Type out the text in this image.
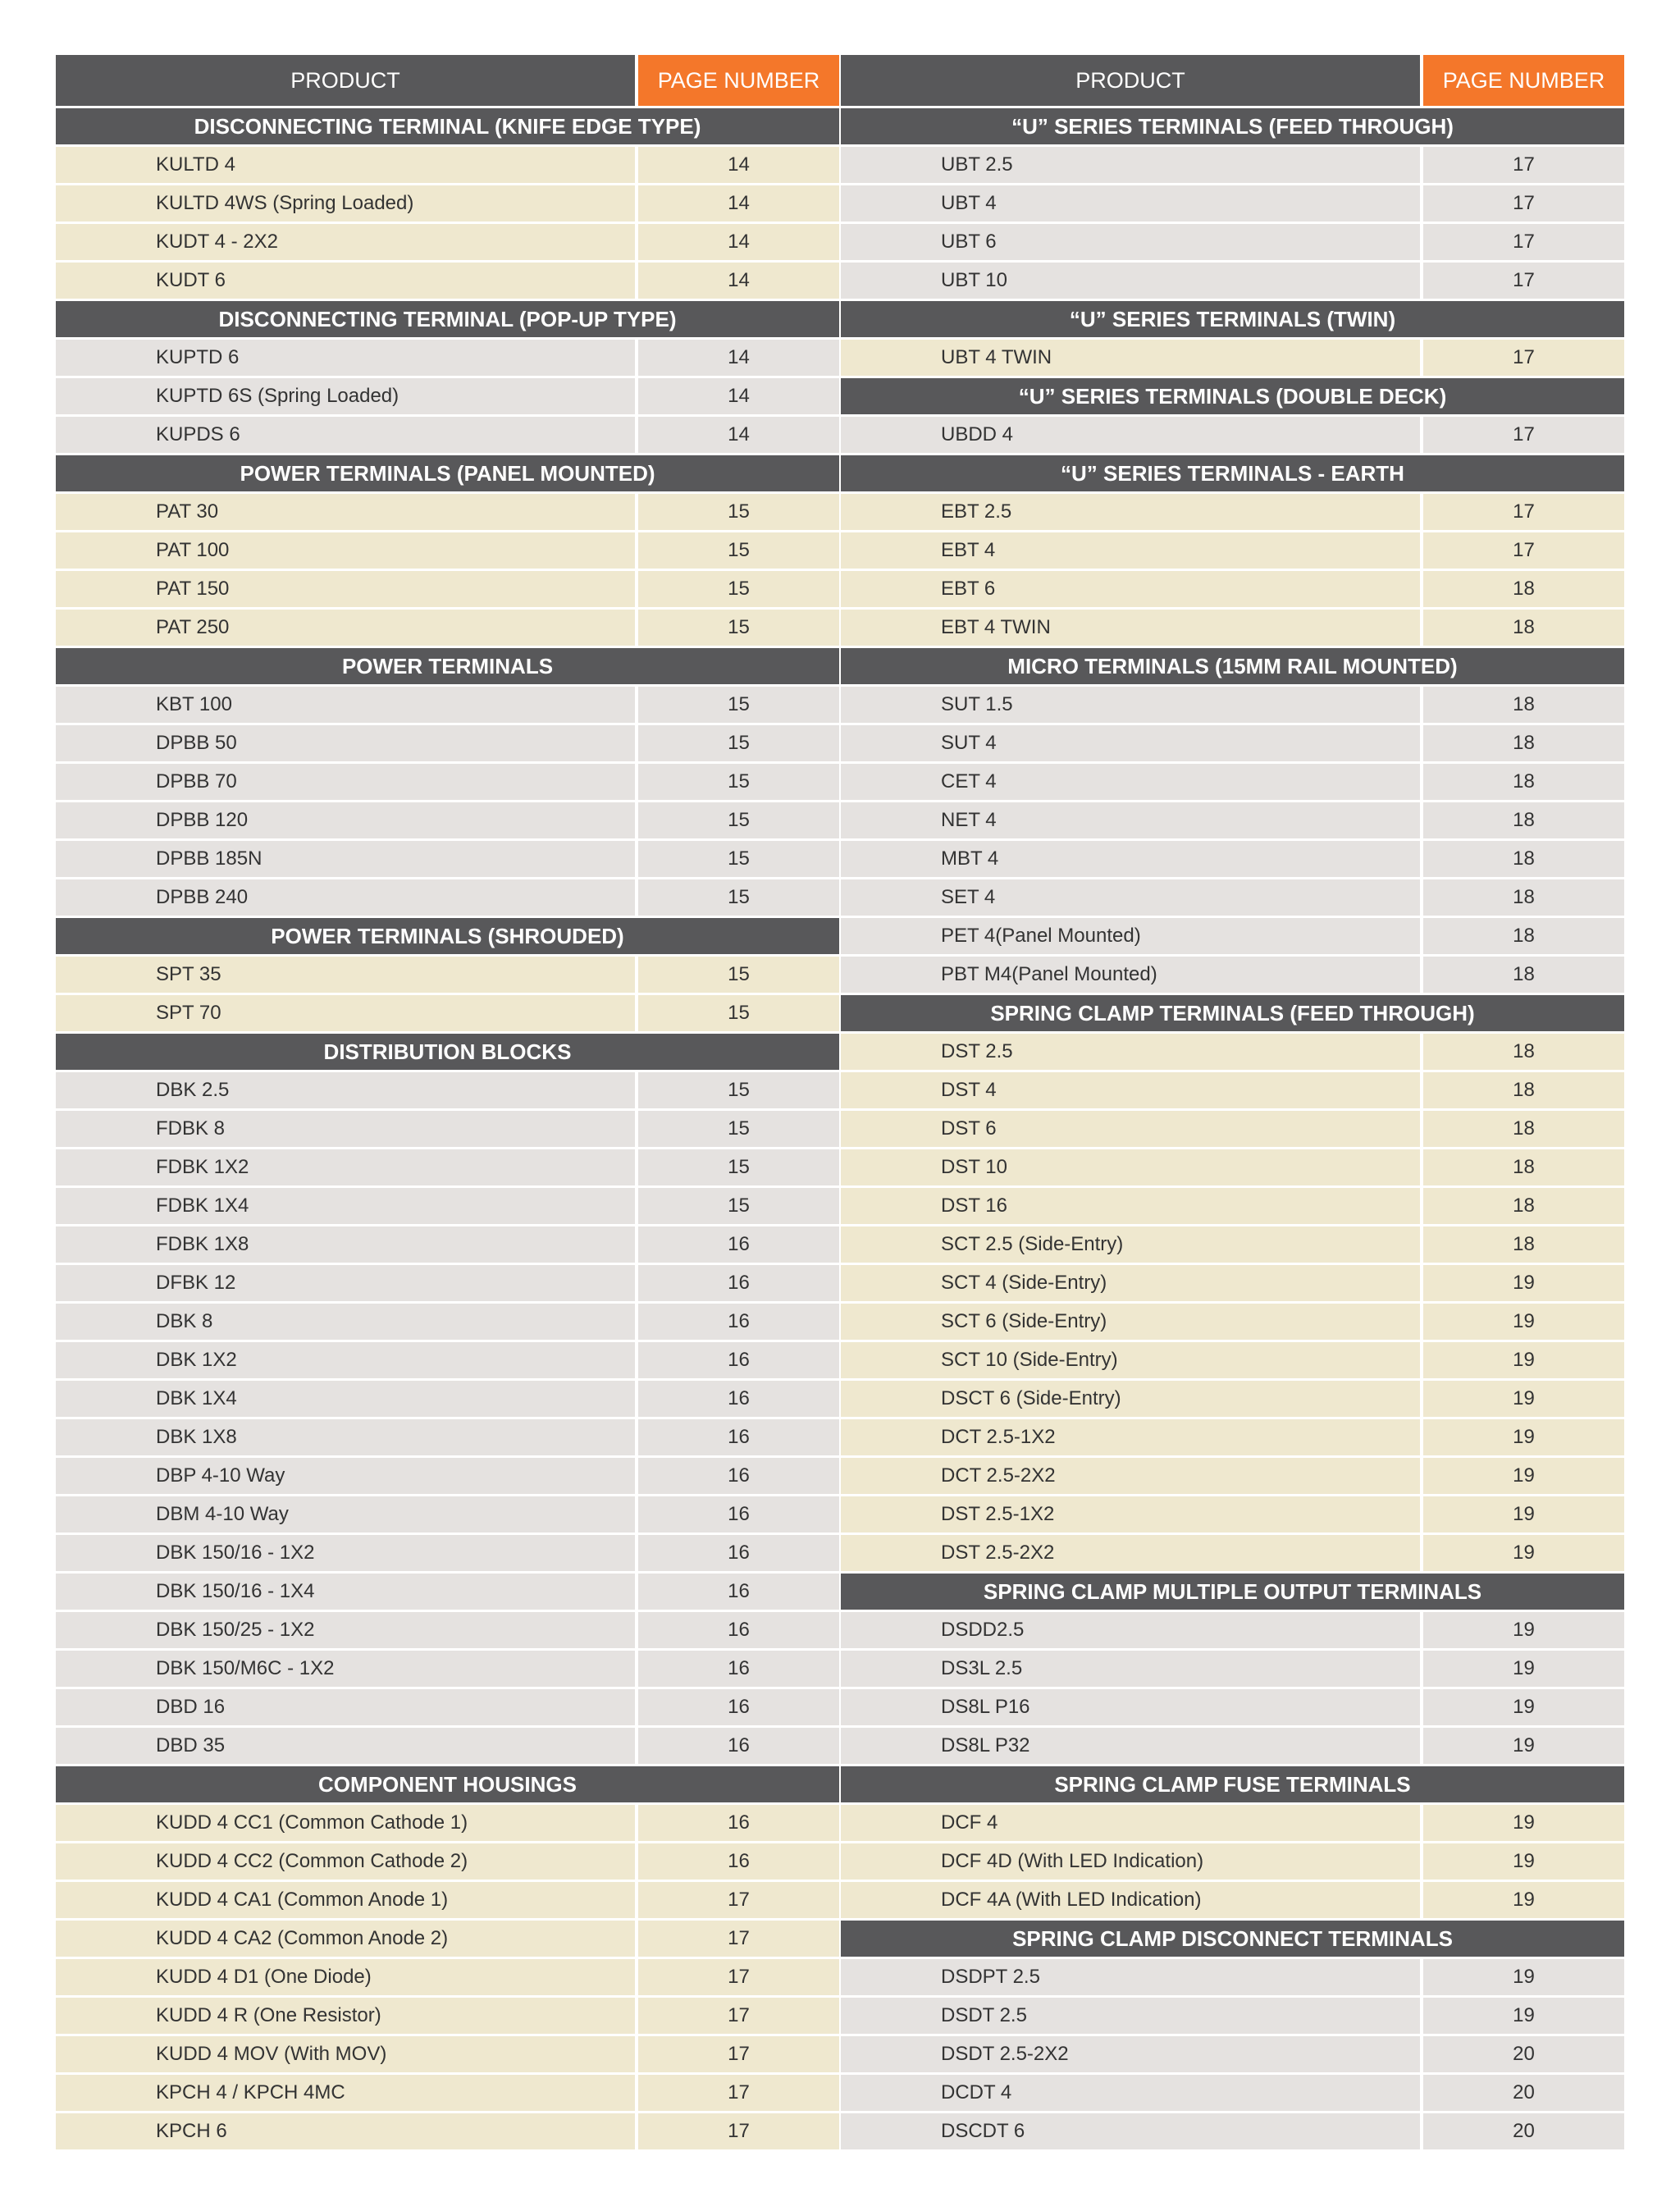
PRODUCT	PAGE NUMBER
DISCONNECTING TERMINAL (KNIFE EDGE TYPE)
KULTD 4	14
KULTD 4WS (Spring Loaded)	14
KUDT 4 - 2X2	14
KUDT 6	14
DISCONNECTING TERMINAL (POP-UP TYPE)
KUPTD 6	14
KUPTD 6S (Spring Loaded)	14
KUPDS 6	14
POWER TERMINALS (PANEL MOUNTED)
PAT 30	15
PAT 100	15
PAT 150	15
PAT 250	15
POWER TERMINALS
KBT 100	15
DPBB 50	15
DPBB 70	15
DPBB 120	15
DPBB 185N	15
DPBB 240	15
POWER TERMINALS (SHROUDED)
SPT 35	15
SPT 70	15
DISTRIBUTION BLOCKS
DBK 2.5	15
FDBK 8	15
FDBK 1X2	15
FDBK 1X4	15
FDBK 1X8	16
DFBK 12	16
DBK 8	16
DBK 1X2	16
DBK 1X4	16
DBK 1X8	16
DBP 4-10 Way	16
DBM 4-10 Way	16
DBK 150/16 - 1X2	16
DBK 150/16 - 1X4	16
DBK 150/25 - 1X2	16
DBK 150/M6C - 1X2	16
DBD 16	16
DBD 35	16
COMPONENT HOUSINGS
KUDD 4 CC1 (Common Cathode 1)	16
KUDD 4 CC2 (Common Cathode 2)	16
KUDD 4 CA1 (Common Anode 1)	17
KUDD 4 CA2 (Common Anode 2)	17
KUDD 4 D1 (One Diode)	17
KUDD 4 R (One Resistor)	17
KUDD 4 MOV (With MOV)	17
KPCH 4 / KPCH 4MC	17
KPCH 6	17
PRODUCT	PAGE NUMBER
“U” SERIES TERMINALS (FEED THROUGH)
UBT 2.5	17
UBT 4	17
UBT 6	17
UBT 10	17
“U” SERIES TERMINALS (TWIN)
UBT 4 TWIN	17
“U” SERIES TERMINALS (DOUBLE DECK)
UBDD 4	17
“U” SERIES TERMINALS - EARTH
EBT 2.5	17
EBT 4	17
EBT 6	18
EBT 4 TWIN	18
MICRO TERMINALS (15MM RAIL MOUNTED)
SUT 1.5	18
SUT 4	18
CET 4	18
NET 4	18
MBT 4	18
SET 4	18
PET 4(Panel Mounted)	18
PBT M4(Panel Mounted)	18
SPRING CLAMP TERMINALS (FEED THROUGH)
DST 2.5	18
DST 4	18
DST 6	18
DST 10	18
DST 16	18
SCT 2.5 (Side-Entry)	18
SCT 4 (Side-Entry)	19
SCT 6 (Side-Entry)	19
SCT 10 (Side-Entry)	19
DSCT 6 (Side-Entry)	19
DCT 2.5-1X2	19
DCT 2.5-2X2	19
DST 2.5-1X2	19
DST 2.5-2X2	19
SPRING CLAMP MULTIPLE OUTPUT TERMINALS
DSDD2.5	19
DS3L 2.5	19
DS8L P16	19
DS8L P32	19
SPRING CLAMP FUSE TERMINALS
DCF 4	19
DCF 4D (With LED Indication)	19
DCF 4A (With LED Indication)	19
SPRING CLAMP DISCONNECT TERMINALS
DSDPT 2.5	19
DSDT 2.5	19
DSDT 2.5-2X2	20
DCDT 4	20
DSCDT 6	20
